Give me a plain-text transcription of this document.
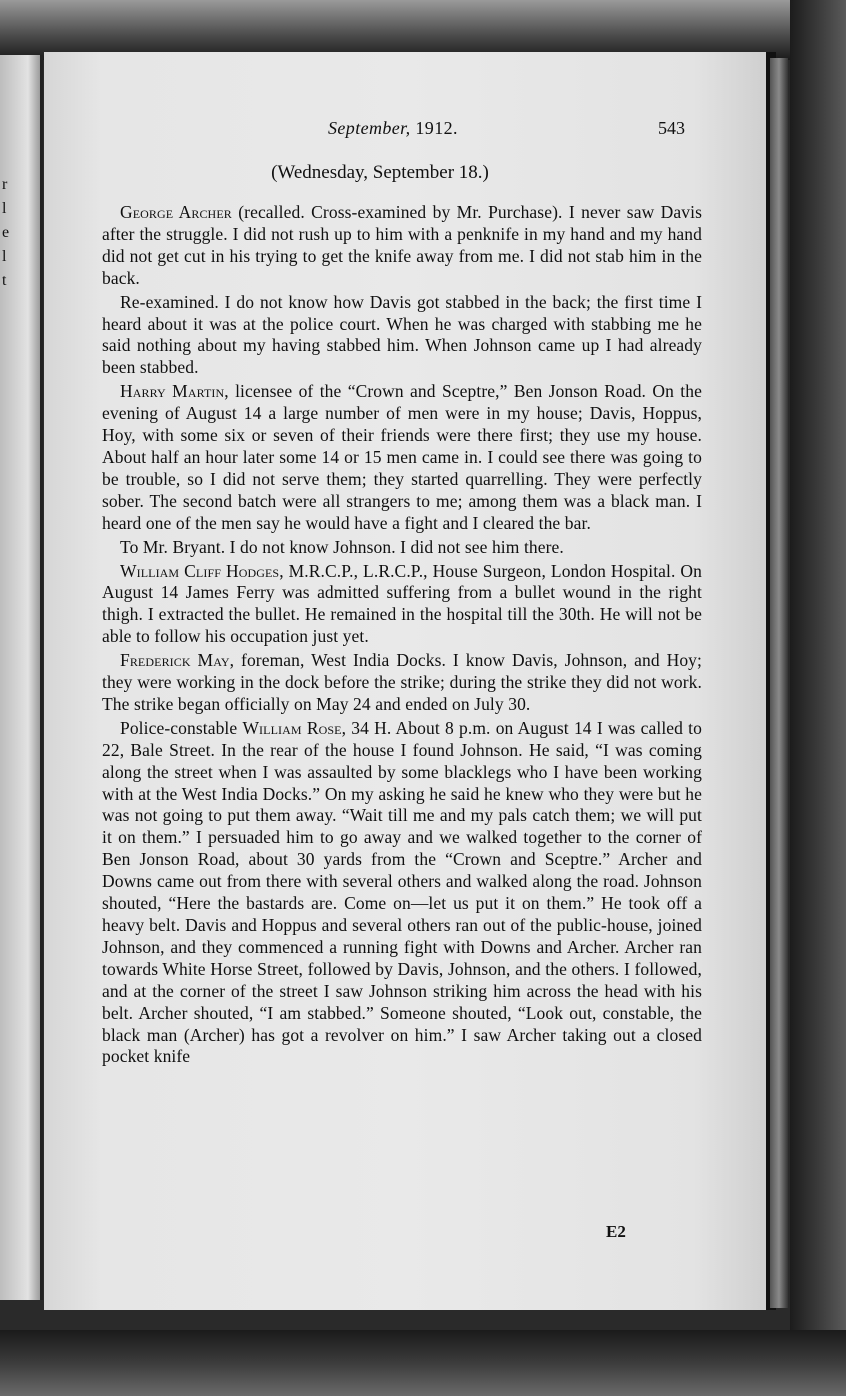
r
l
e
l
t
September, 1912.	543
(Wednesday, September 18.)

George Archer (recalled. Cross-examined by Mr. Purchase). I never saw Davis after the struggle. I did not rush up to him with a penknife in my hand and my hand did not get cut in his trying to get the knife away from me. I did not stab him in the back.

Re-examined. I do not know how Davis got stabbed in the back; the first time I heard about it was at the police court. When he was charged with stabbing me he said nothing about my having stabbed him. When Johnson came up I had already been stabbed.

Harry Martin, licensee of the “Crown and Sceptre,” Ben Jonson Road. On the evening of August 14 a large number of men were in my house; Davis, Hoppus, Hoy, with some six or seven of their friends were there first; they use my house. About half an hour later some 14 or 15 men came in. I could see there was going to be trouble, so I did not serve them; they started quarrelling. They were perfectly sober. The second batch were all strangers to me; among them was a black man. I heard one of the men say he would have a fight and I cleared the bar.

To Mr. Bryant. I do not know Johnson. I did not see him there.

William Cliff Hodges, M.R.C.P., L.R.C.P., House Surgeon, London Hospital. On August 14 James Ferry was admitted suffering from a bullet wound in the right thigh. I extracted the bullet. He remained in the hospital till the 30th. He will not be able to follow his occupation just yet.

Frederick May, foreman, West India Docks. I know Davis, Johnson, and Hoy; they were working in the dock before the strike; during the strike they did not work. The strike began officially on May 24 and ended on July 30.

Police-constable William Rose, 34 H. About 8 p.m. on August 14 I was called to 22, Bale Street. In the rear of the house I found Johnson. He said, “I was coming along the street when I was assaulted by some blacklegs who I have been working with at the West India Docks.” On my asking he said he knew who they were but he was not going to put them away. “Wait till me and my pals catch them; we will put it on them.” I persuaded him to go away and we walked together to the corner of Ben Jonson Road, about 30 yards from the “Crown and Sceptre.” Archer and Downs came out from there with several others and walked along the road. Johnson shouted, “Here the bastards are. Come on—let us put it on them.” He took off a heavy belt. Davis and Hoppus and several others ran out of the public-house, joined Johnson, and they commenced a running fight with Downs and Archer. Archer ran towards White Horse Street, followed by Davis, Johnson, and the others. I followed, and at the corner of the street I saw Johnson striking him across the head with his belt. Archer shouted, “I am stabbed.” Someone shouted, “Look out, constable, the black man (Archer) has got a revolver on him.” I saw Archer taking out a closed pocket knife

E2
